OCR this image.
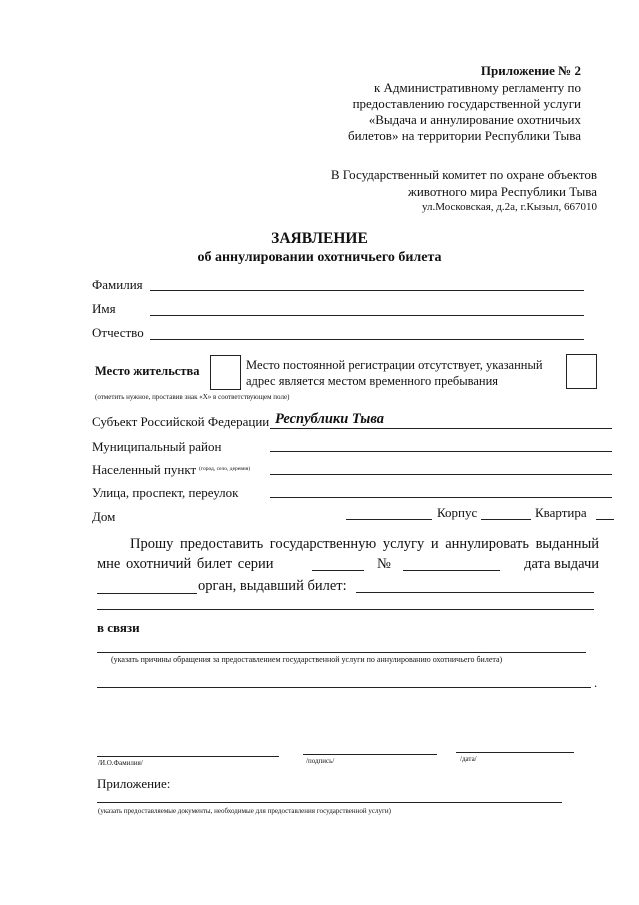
Приложение № 2
к Административному регламенту по
предоставлению государственной услуги
«Выдача и аннулирование охотничьих
билетов» на территории Республики Тыва
В Государственный комитет по охране объектов
животного мира Республики Тыва
ул.Московская, д.2а, г.Кызыл, 667010
ЗАЯВЛЕНИЕ
об аннулировании охотничьего билета
Фамилия
Имя
Отчество
Место жительства	Место постоянной регистрации отсутствует, указанный
адрес является местом временного пребывания
(отметить нужное, проставив знак «Х» в соответствующем поле)
Субъект Российской Федерации Республики Тыва
Муниципальный район
Населенный пункт (город, село, деревня)
Улица, проспект, переулок
Дом	Корпус	Квартира
Прошу предоставить государственную услугу и аннулировать выданный
мне охотничий билет серии	№	дата выдачи
орган, выдавший билет:
в связи
(указать причины обращения за предоставлением государственной услуги по аннулированию охотничьего билета)
.
/И.О.Фамилия/	/подпись/	/дата/
Приложение:
(указать предоставляемые документы, необходимые для предоставления государственной услуги)
